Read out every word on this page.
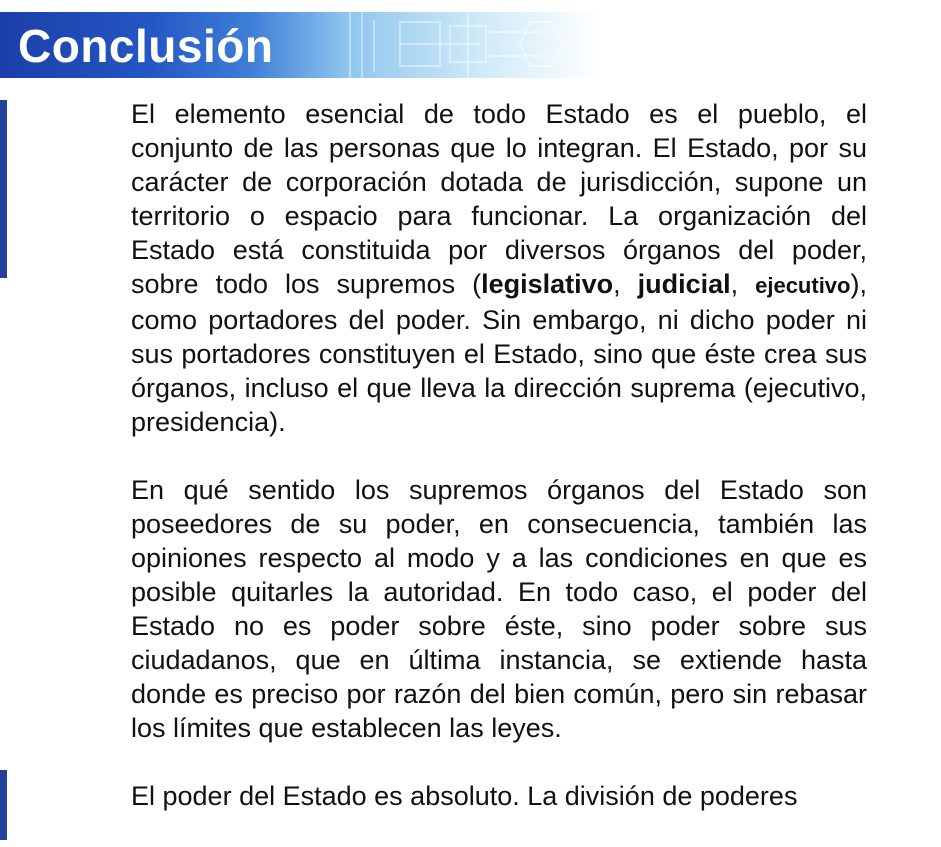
Conclusión

El elemento esencial de todo Estado es el pueblo, el conjunto de las personas que lo integran. El Estado, por su carácter de corporación dotada de jurisdicción, supone un territorio o espacio para funcionar. La organización del Estado está constituida por diversos órganos del poder, sobre todo los supremos (legislativo, judicial, ejecutivo), como portadores del poder. Sin embargo, ni dicho poder ni sus portadores constituyen el Estado, sino que éste crea sus órganos, incluso el que lleva la dirección suprema (ejecutivo, presidencia).

En qué sentido los supremos órganos del Estado son poseedores de su poder, en consecuencia, también las opiniones respecto al modo y a las condiciones en que es posible quitarles la autoridad. En todo caso, el poder del Estado no es poder sobre éste, sino poder sobre sus ciudadanos, que en última instancia, se extiende hasta donde es preciso por razón del bien común, pero sin rebasar los límites que establecen las leyes.

El poder del Estado es absoluto. La división de poderes
